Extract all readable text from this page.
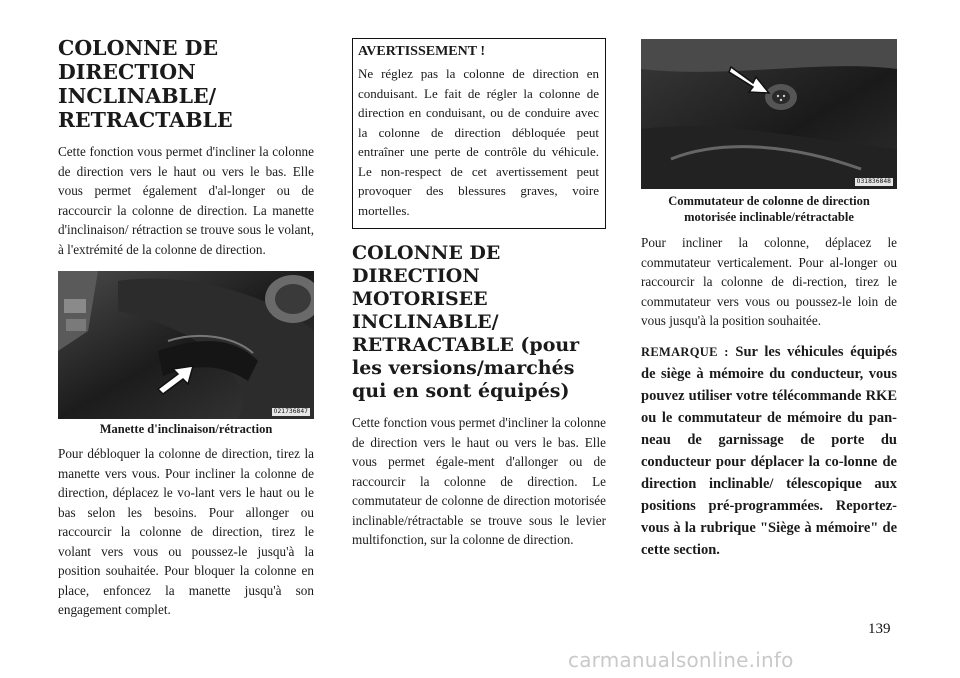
COLONNE DE DIRECTION INCLINABLE/ RETRACTABLE

Cette fonction vous permet d'incliner la colonne de direction vers le haut ou vers le bas. Elle vous permet également d'al-longer ou de raccourcir la colonne de direction. La manette d'inclinaison/ rétraction se trouve sous le volant, à l'extrémité de la colonne de direction.

021736847

Manette d'inclinaison/rétraction

Pour débloquer la colonne de direction, tirez la manette vers vous. Pour incliner la colonne de direction, déplacez le vo-lant vers le haut ou le bas selon les besoins. Pour allonger ou raccourcir la colonne de direction, tirez le volant vers vous ou poussez-le jusqu'à la position souhaitée. Pour bloquer la colonne en place, enfoncez la manette jusqu'à son engagement complet.

AVERTISSEMENT !

Ne réglez pas la colonne de direction en conduisant. Le fait de régler la colonne de direction en conduisant, ou de conduire avec la colonne de direction débloquée peut entraîner une perte de contrôle du véhicule. Le non-respect de cet avertissement peut provoquer des blessures graves, voire mortelles.

COLONNE DE DIRECTION MOTORISEE INCLINABLE/ RETRACTABLE (pour les versions/marchés qui en sont équipés)

Cette fonction vous permet d'incliner la colonne de direction vers le haut ou vers le bas. Elle vous permet égale-ment d'allonger ou de raccourcir la colonne de direction. Le commutateur de colonne de direction motorisée inclinable/rétractable se trouve sous le levier multifonction, sur la colonne de direction.

031836848

Commutateur de colonne de direction motorisée inclinable/rétractable

Pour incliner la colonne, déplacez le commutateur verticalement. Pour al-longer ou raccourcir la colonne de di-rection, tirez le commutateur vers vous ou poussez-le loin de vous jusqu'à la position souhaitée.

REMARQUE : Sur les véhicules équipés de siège à mémoire du conducteur, vous pouvez utiliser votre télécommande RKE ou le commutateur de mémoire du pan-neau de garnissage de porte du conducteur pour déplacer la co-lonne de direction inclinable/ télescopique aux positions pré-programmées. Reportez-vous à la rubrique "Siège à mémoire" de cette section.

139
carmanualsonline.info
